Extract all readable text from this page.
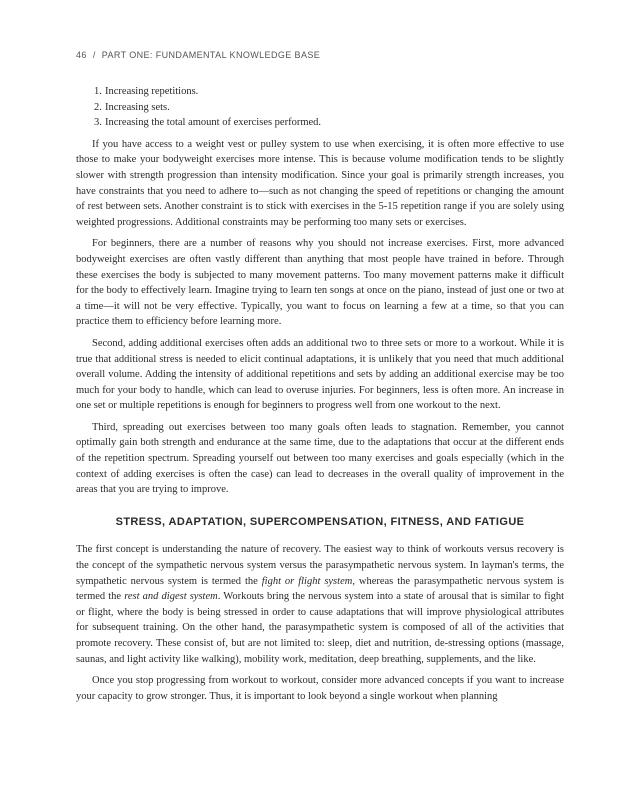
46 / PART ONE: FUNDAMENTAL KNOWLEDGE BASE
1. Increasing repetitions.
2. Increasing sets.
3. Increasing the total amount of exercises performed.

If you have access to a weight vest or pulley system to use when exercising, it is often more effective to use those to make your bodyweight exercises more intense. This is because volume modification tends to be slightly slower with strength progression than intensity modification. Since your goal is primarily strength increases, you have constraints that you need to adhere to—such as not changing the speed of repetitions or changing the amount of rest between sets. Another constraint is to stick with exercises in the 5-15 repetition range if you are solely using weighted progressions. Additional constraints may be performing too many sets or exercises.

For beginners, there are a number of reasons why you should not increase exercises. First, more advanced bodyweight exercises are often vastly different than anything that most people have trained in before. Through these exercises the body is subjected to many movement patterns. Too many movement patterns make it difficult for the body to effectively learn. Imagine trying to learn ten songs at once on the piano, instead of just one or two at a time—it will not be very effective. Typically, you want to focus on learning a few at a time, so that you can practice them to efficiency before learning more.

Second, adding additional exercises often adds an additional two to three sets or more to a workout. While it is true that additional stress is needed to elicit continual adaptations, it is unlikely that you need that much additional overall volume. Adding the intensity of additional repetitions and sets by adding an additional exercise may be too much for your body to handle, which can lead to overuse injuries. For beginners, less is often more. An increase in one set or multiple repetitions is enough for beginners to progress well from one workout to the next.

Third, spreading out exercises between too many goals often leads to stagnation. Remember, you cannot optimally gain both strength and endurance at the same time, due to the adaptations that occur at the different ends of the repetition spectrum. Spreading yourself out between too many exercises and goals especially (which in the context of adding exercises is often the case) can lead to decreases in the overall quality of improvement in the areas that you are trying to improve.

STRESS, ADAPTATION, SUPERCOMPENSATION, FITNESS, AND FATIGUE

The first concept is understanding the nature of recovery. The easiest way to think of workouts versus recovery is the concept of the sympathetic nervous system versus the parasympathetic nervous system. In layman's terms, the sympathetic nervous system is termed the fight or flight system, whereas the parasympathetic nervous system is termed the rest and digest system. Workouts bring the nervous system into a state of arousal that is similar to fight or flight, where the body is being stressed in order to cause adaptations that will improve physiological attributes for subsequent training. On the other hand, the parasympathetic system is composed of all of the activities that promote recovery. These consist of, but are not limited to: sleep, diet and nutrition, de-stressing options (massage, saunas, and light activity like walking), mobility work, meditation, deep breathing, supplements, and the like.

Once you stop progressing from workout to workout, consider more advanced concepts if you want to increase your capacity to grow stronger. Thus, it is important to look beyond a single workout when planning
